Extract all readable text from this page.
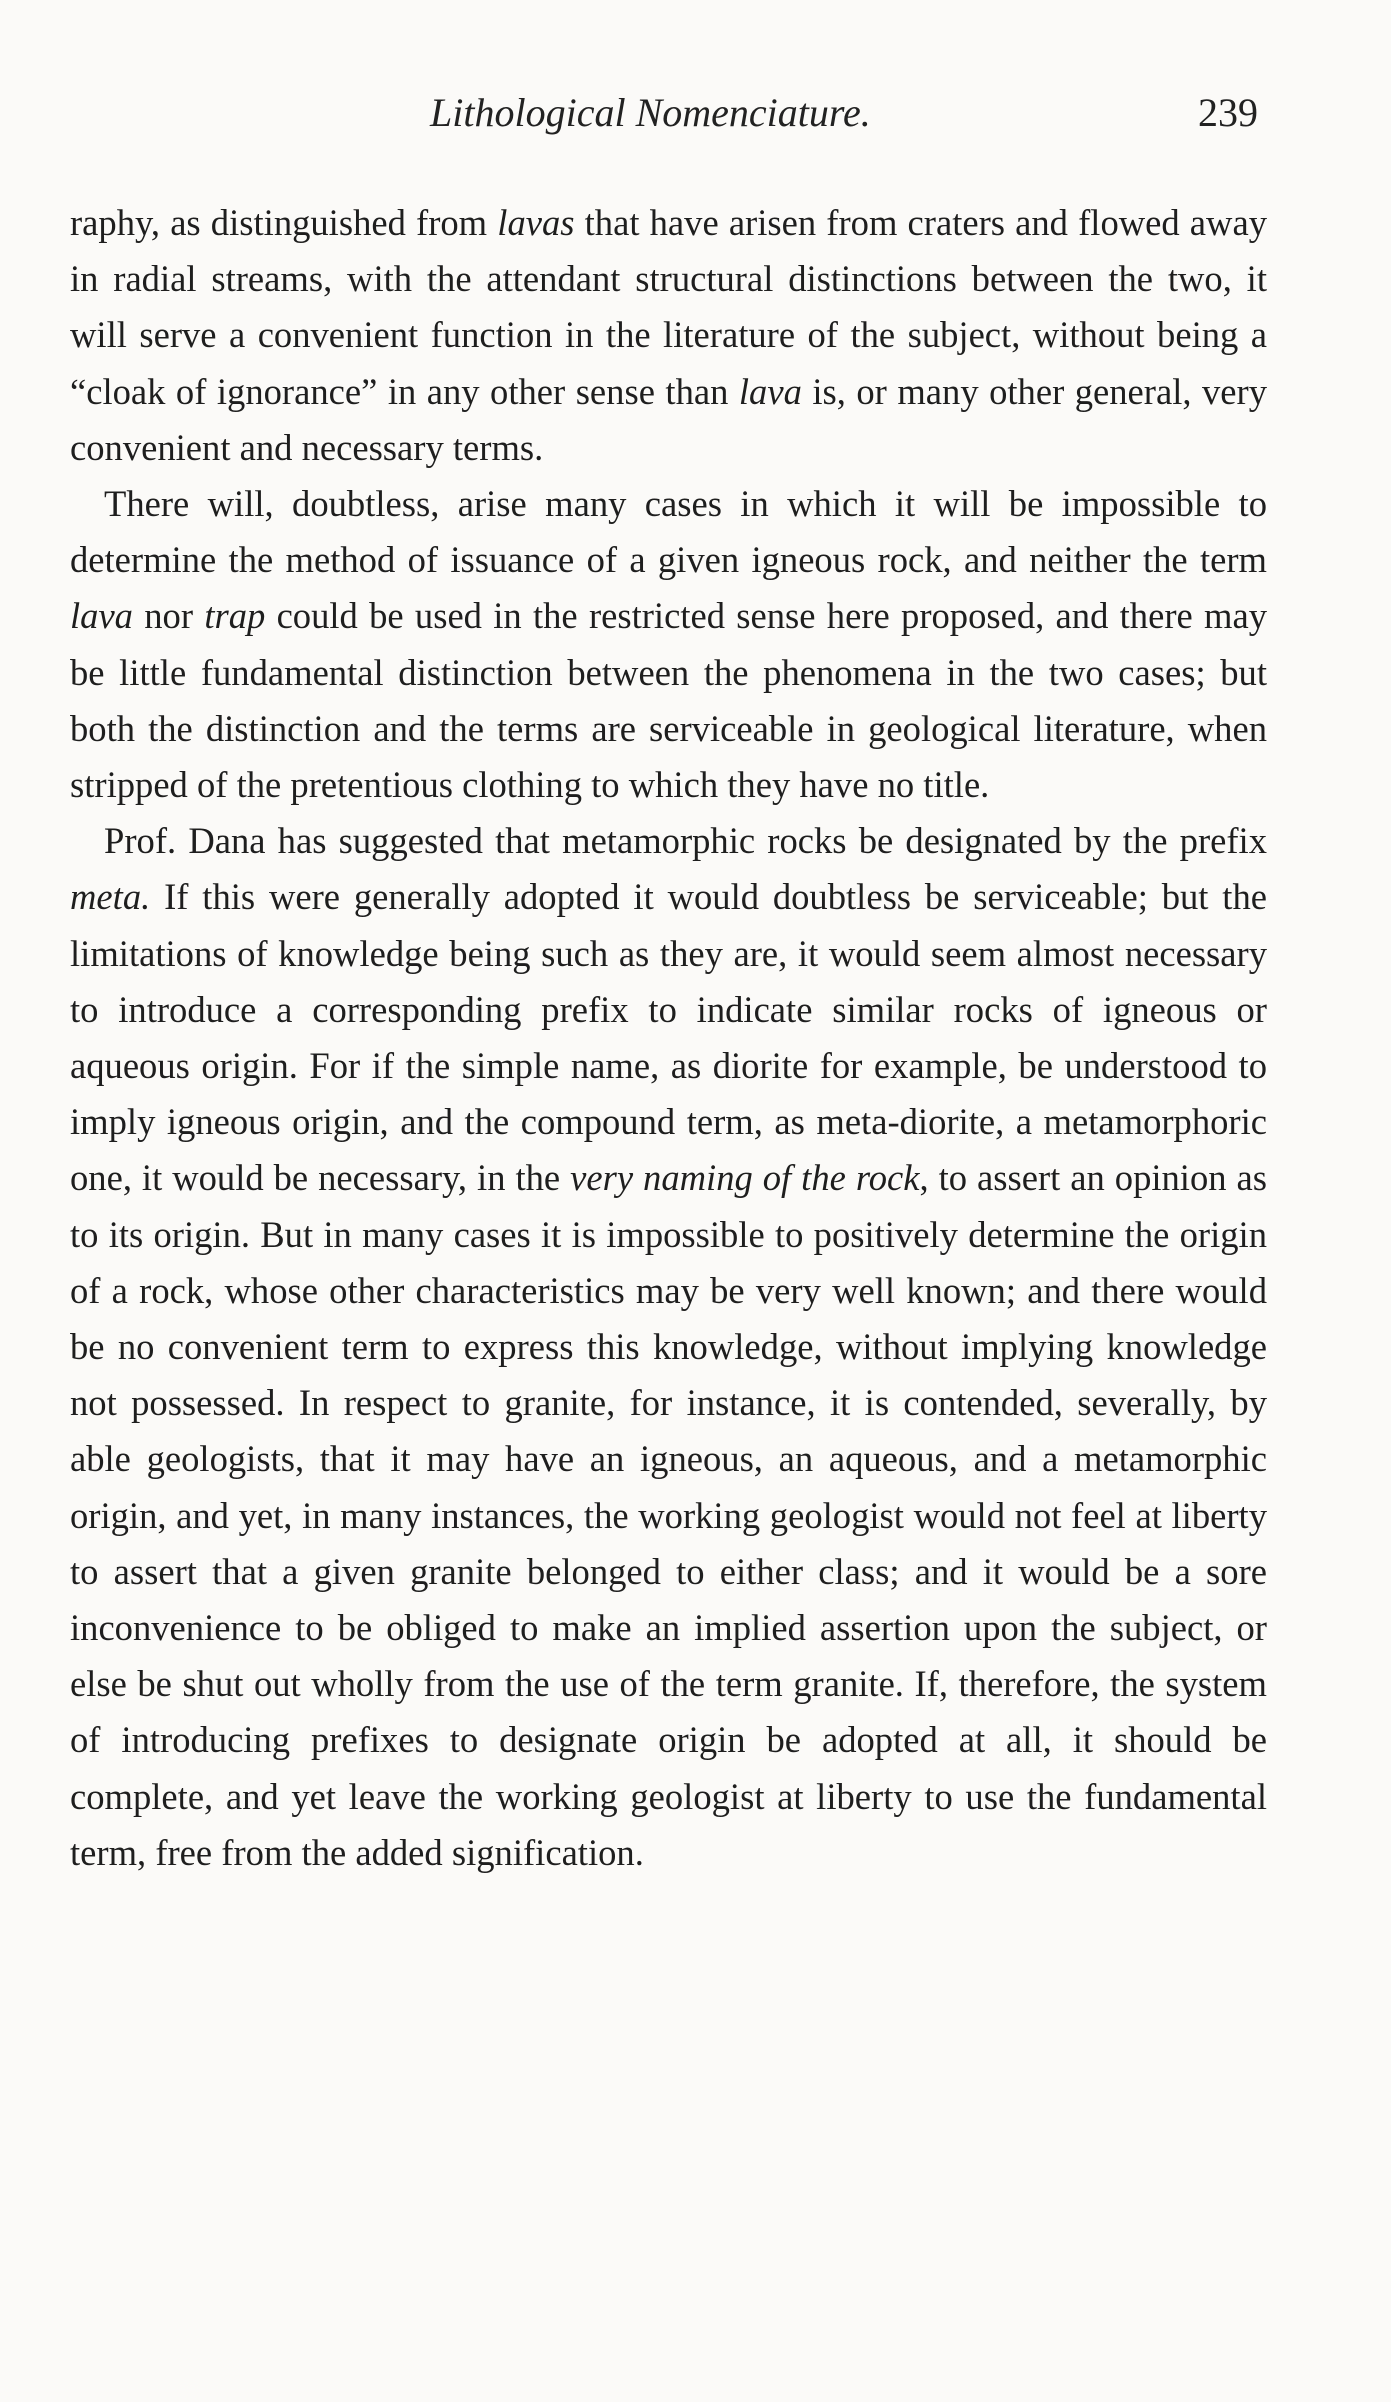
Lithological Nomenciature.	239

raphy, as distinguished from lavas that have arisen from craters and flowed away in radial streams, with the attendant structural distinctions between the two, it will serve a convenient function in the literature of the subject, without being a “cloak of ignorance” in any other sense than lava is, or many other general, very convenient and necessary terms.

There will, doubtless, arise many cases in which it will be impossible to determine the method of issuance of a given igneous rock, and neither the term lava nor trap could be used in the restricted sense here proposed, and there may be little fundamental distinction between the phenomena in the two cases; but both the distinction and the terms are serviceable in geological literature, when stripped of the pretentious clothing to which they have no title.

Prof. Dana has suggested that metamorphic rocks be designated by the prefix meta. If this were generally adopted it would doubtless be serviceable; but the limitations of knowledge being such as they are, it would seem almost necessary to introduce a corresponding prefix to indicate similar rocks of igneous or aqueous origin. For if the simple name, as diorite for example, be understood to imply igneous origin, and the compound term, as meta-diorite, a metamorphoric one, it would be necessary, in the very naming of the rock, to assert an opinion as to its origin. But in many cases it is impossible to positively determine the origin of a rock, whose other characteristics may be very well known; and there would be no convenient term to express this knowledge, without implying knowledge not possessed. In respect to granite, for instance, it is contended, severally, by able geologists, that it may have an igneous, an aqueous, and a metamorphic origin, and yet, in many instances, the working geologist would not feel at liberty to assert that a given granite belonged to either class; and it would be a sore inconvenience to be obliged to make an implied assertion upon the subject, or else be shut out wholly from the use of the term granite. If, therefore, the system of introducing prefixes to designate origin be adopted at all, it should be complete, and yet leave the working geologist at liberty to use the fundamental term, free from the added signification.
